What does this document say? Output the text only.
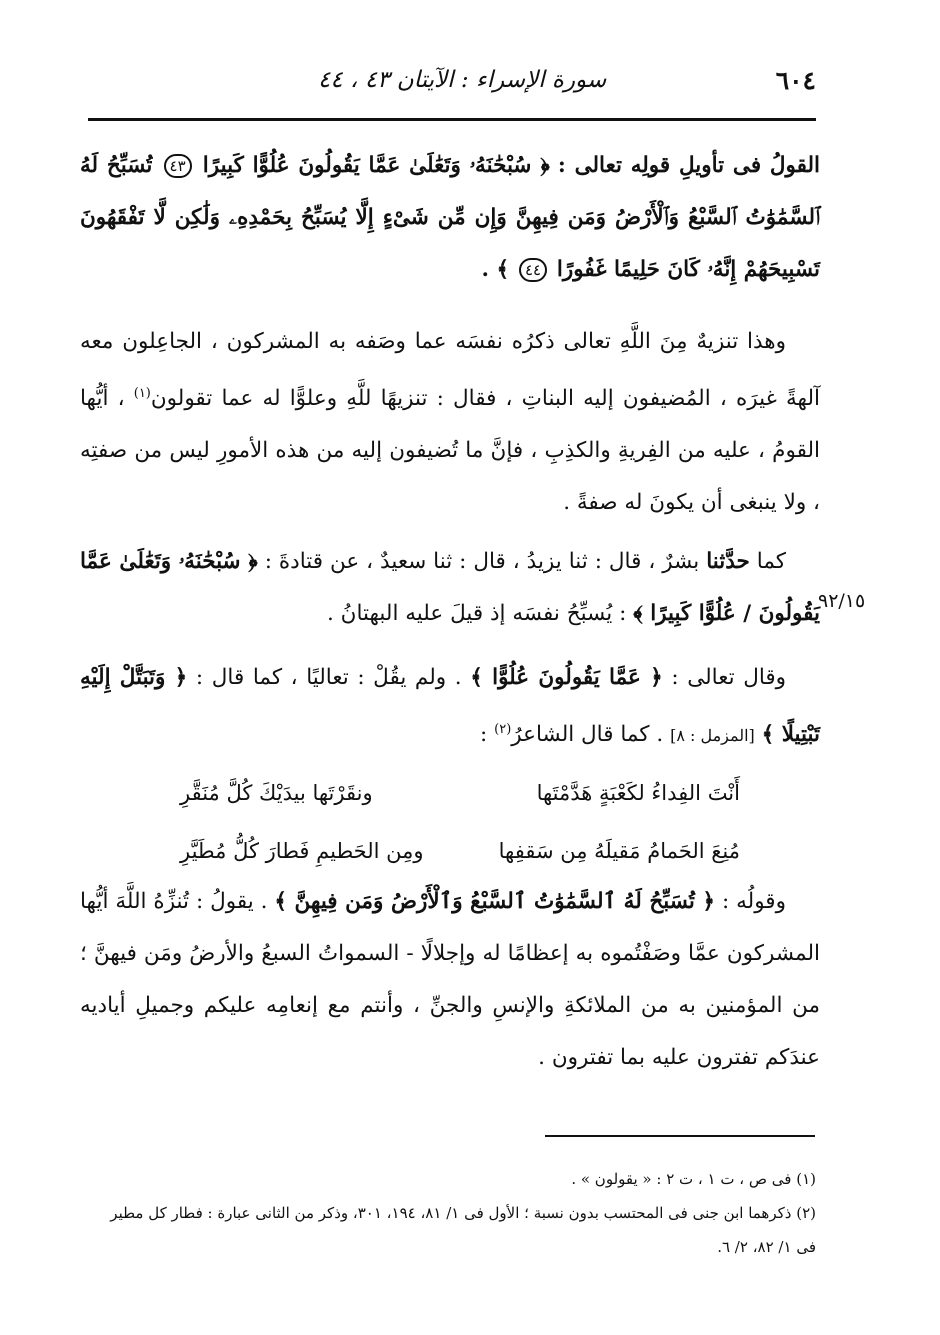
٦٠٤
سورة الإسراء : الآيتان ٤٣ ، ٤٤

القولُ فى تأويلِ قولِه تعالى : ﴿ سُبْحَٰنَهُۥ وَتَعَٰلَىٰ عَمَّا يَقُولُونَ عُلُوًّا كَبِيرًا ٤٣ تُسَبِّحُ لَهُ ٱلسَّمَٰوَٰتُ ٱلسَّبْعُ وَٱلْأَرْضُ وَمَن فِيهِنَّ وَإِن مِّن شَىْءٍ إِلَّا يُسَبِّحُ بِحَمْدِهِۦ وَلَٰكِن لَّا تَفْقَهُونَ تَسْبِيحَهُمْ إِنَّهُۥ كَانَ حَلِيمًا غَفُورًا ٤٤ ﴾ .

وهذا تنزيهٌ مِنَ اللَّهِ تعالى ذكرُه نفسَه عما وصَفه به المشركون ، الجاعِلون معه آلهةً غيرَه ، المُضيفون إليه البناتِ ، فقال : تنزيهًا للَّهِ وعلوًّا له عما تقولون$^{(١)}$ ، أيُّها القومُ ، عليه من الفِريةِ والكذِبِ ، فإنَّ ما تُضيفون إليه من هذه الأمورِ ليس من صفتِه ، ولا ينبغى أن يكونَ له صفةً .

كما حدَّثنا بشرٌ ، قال : ثنا يزيدُ ، قال : ثنا سعيدٌ ، عن قتادةَ : ﴿ سُبْحَٰنَهُۥ وَتَعَٰلَىٰ عَمَّا يَقُولُونَ / عُلُوًّا كَبِيرًا ﴾ : يُسبِّحُ نفسَه إذ قيلَ عليه البهتانُ .	٩٢/١٥

وقال تعالى : ﴿ عَمَّا يَقُولُونَ عُلُوًّا ﴾ . ولم يقُلْ : تعاليًا ، كما قال : ﴿ وَتَبَتَّلْ إِلَيْهِ تَبْتِيلًا ﴾ [المزمل : ٨] . كما قال الشاعرُ$^{(٢)}$ :

أَنْتَ الفِداءُ لكَعْبَةٍ هَدَّمْتَها
ونقَرْتَها بيدَيْكَ كُلَّ مُنَقَّرِ
مُنِعَ الحَمامُ مَقيلَهُ مِن سَقفِها
ومِن الحَطيمِ فَطارَ كُلُّ مُطَيَّرِ

وقولُه : ﴿ تُسَبِّحُ لَهُ ٱلسَّمَٰوَٰتُ ٱلسَّبْعُ وَٱلْأَرْضُ وَمَن فِيهِنَّ ﴾ . يقولُ : تُنزِّهُ اللَّهَ أيُّها المشركون عمَّا وصَفْتُموه به إعظامًا له وإجلالًا - السمواتُ السبعُ والأرضُ ومَن فيهنَّ ؛ من المؤمنين به من الملائكةِ والإنسِ والجنِّ ، وأنتم مع إنعامِه عليكم وجميلِ أياديه عندَكم تفترون عليه بما تفترون .

(١) فى ص ، ت ١ ، ت ٢ : « يقولون » .

(٢) ذكرهما ابن جنى فى المحتسب بدون نسبة ؛ الأول فى ١/ ٨١، ١٩٤، ٣٠١، وذكر من الثانى عبارة : فطار كل مطير فى ١/ ٨٢، ٢/ ٦.
